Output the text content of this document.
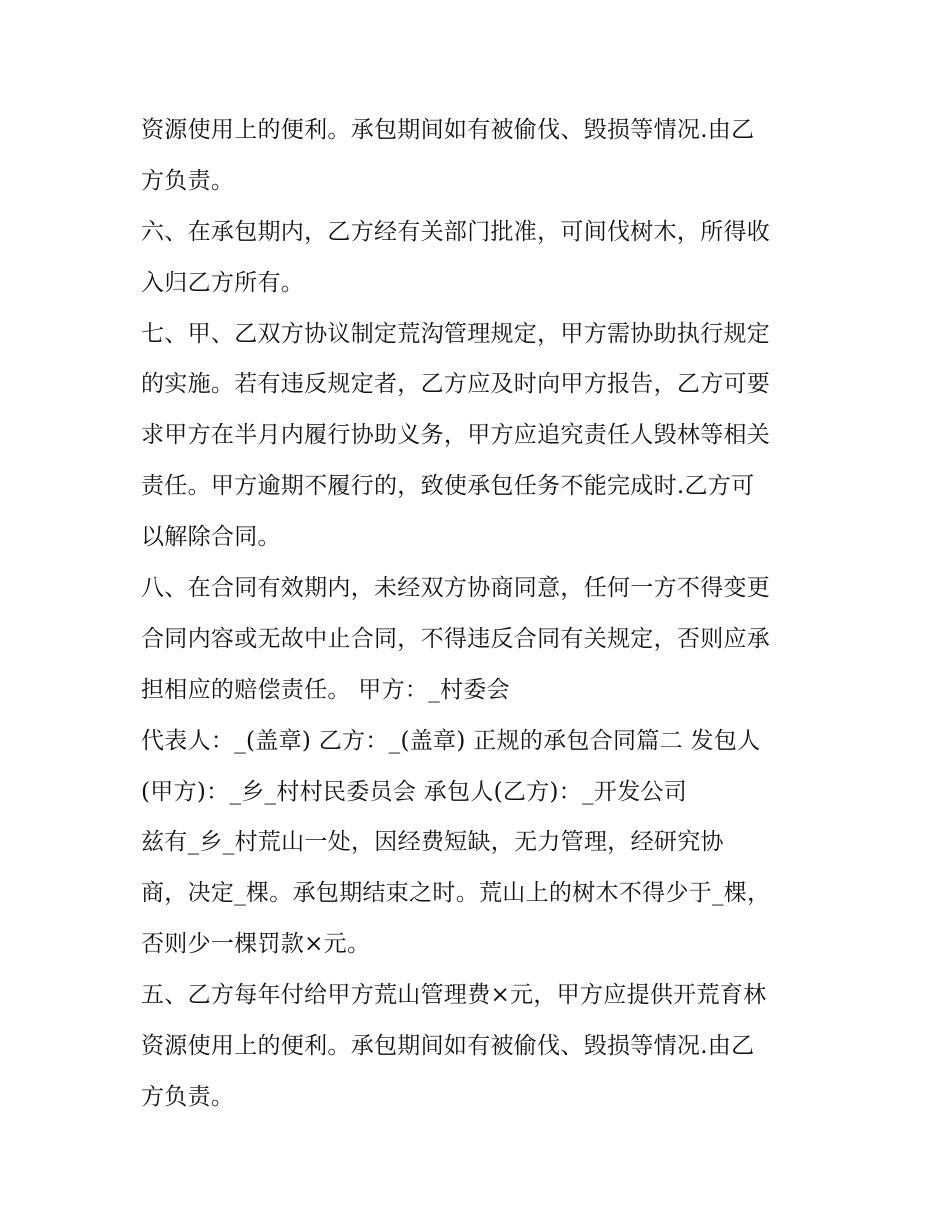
资源使用上的便利。承包期间如有被偷伐、毁损等情况.由乙
方负责。
六、在承包期内，乙方经有关部门批准，可间伐树木，所得收
入归乙方所有。
七、甲、乙双方协议制定荒沟管理规定，甲方需协助执行规定
的实施。若有违反规定者，乙方应及时向甲方报告，乙方可要
求甲方在半月内履行协助义务，甲方应追究责任人毁林等相关
责任。甲方逾期不履行的，致使承包任务不能完成时.乙方可
以解除合同。
八、在合同有效期内，未经双方协商同意，任何一方不得变更
合同内容或无故中止合同，不得违反合同有关规定，否则应承
担相应的赔偿责任。 甲方：_村委会
代表人：_(盖章) 乙方：_(盖章) 正规的承包合同篇二 发包人
(甲方)：_乡_村村民委员会 承包人(乙方)：_开发公司
兹有_乡_村荒山一处，因经费短缺，无力管理，经研究协
商，决定_棵。承包期结束之时。荒山上的树木不得少于_棵，
否则少一棵罚款×元。
五、乙方每年付给甲方荒山管理费×元，甲方应提供开荒育林
资源使用上的便利。承包期间如有被偷伐、毁损等情况.由乙
方负责。
